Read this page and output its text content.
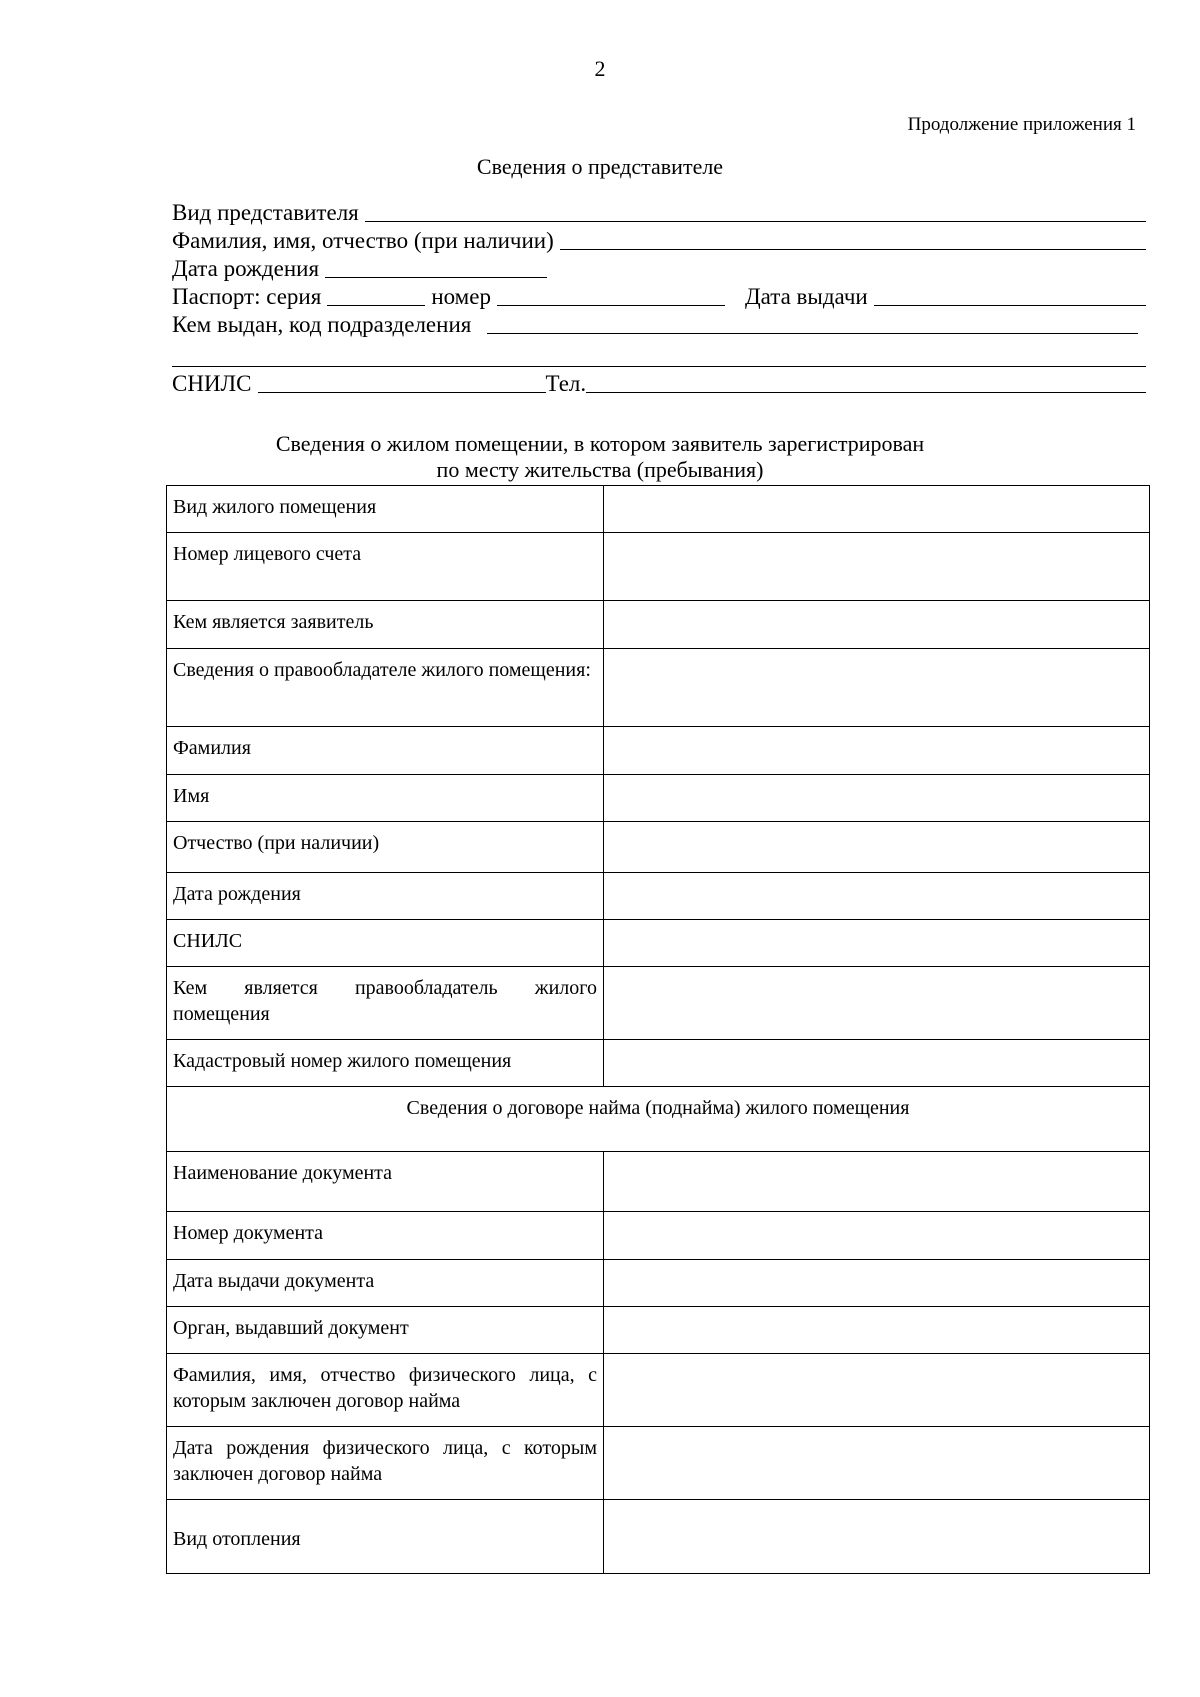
2
Продолжение приложения 1
Сведения о представителе
Вид представителя
Фамилия, имя, отчество (при наличии)
Дата рождения
Паспорт: серия	номер	Дата выдачи
Кем выдан, код подразделения
СНИЛС	Тел.
Сведения о жилом помещении, в котором заявитель зарегистрирован
по месту жительства (пребывания)
Вид жилого помещения	
Номер лицевого счета	
Кем является заявитель	
Сведения о правообладателе жилого помещения:	
Фамилия	
Имя	
Отчество (при наличии)	
Дата рождения	
СНИЛС	
Кем является правообладатель жилого помещения	
Кадастровый номер жилого помещения	
Сведения о договоре найма (поднайма) жилого помещения	
Наименование документа	
Номер документа	
Дата выдачи документа	
Орган, выдавший документ	
Фамилия, имя, отчество физического лица, с которым заключен договор найма	
Дата рождения физического лица, с которым заключен договор найма	
Вид отопления	
